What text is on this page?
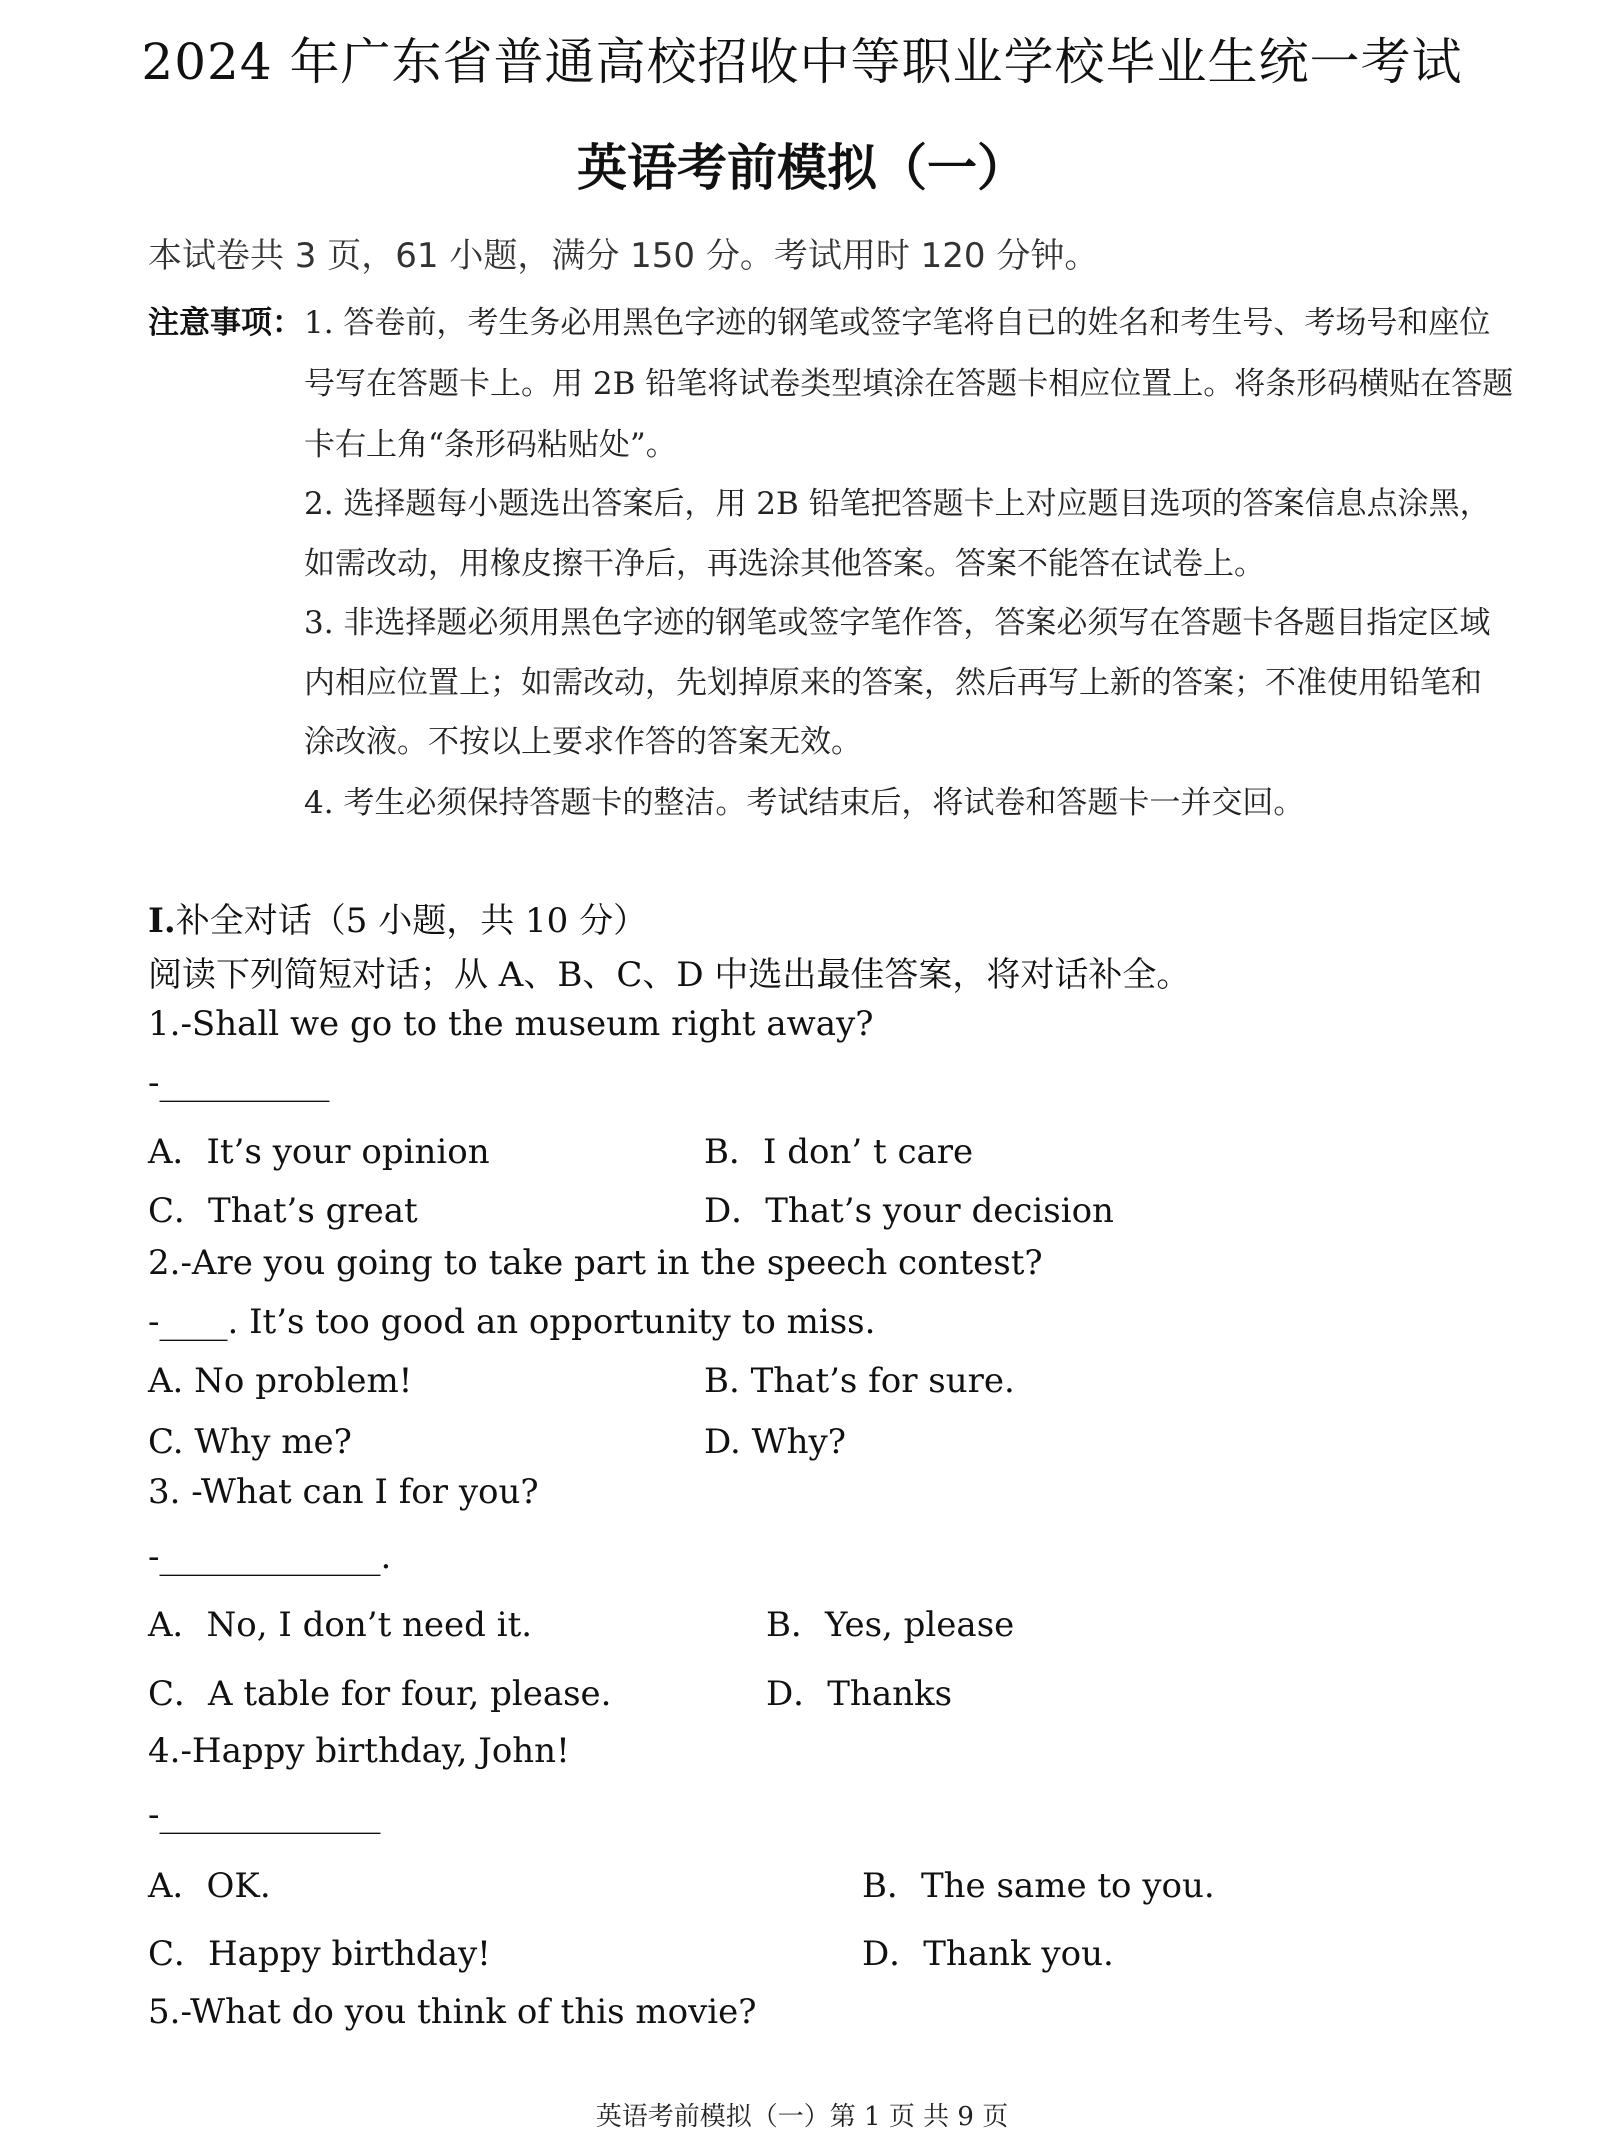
2024 年广东省普通高校招收中等职业学校毕业生统一考试
英语考前模拟（一）
本试卷共 3 页，61 小题，满分 150 分。考试用时 120 分钟。
注意事项： 1. 答卷前，考生务必用黑色字迹的钢笔或签字笔将自已的姓名和考生号、考场号和座位
号写在答题卡上。用 2B 铅笔将试卷类型填涂在答题卡相应位置上。将条形码横贴在答题
卡右上角“条形码粘贴处”。
2. 选择题每小题选出答案后，用 2B 铅笔把答题卡上对应题目选项的答案信息点涂黑，
如需改动，用橡皮擦干净后，再选涂其他答案。答案不能答在试卷上。
3. 非选择题必须用黑色字迹的钢笔或签字笔作答，答案必须写在答题卡各题目指定区域
内相应位置上；如需改动，先划掉原来的答案，然后再写上新的答案；不准使用铅笔和
涂改液。不按以上要求作答的答案无效。
4. 考生必须保持答题卡的整洁。考试结束后，将试卷和答题卡一并交回。
I.补全对话（5 小题，共 10 分）
阅读下列简短对话；从 A、B、C、D 中选出最佳答案，将对话补全。
1.-Shall we go to the museum right away?
-__________
A．It’s your opinion	B．I don’ t care
C．That’s great	D．That’s your decision
2.-Are you going to take part in the speech contest?
-____. It’s too good an opportunity to miss.
A. No problem!	B. That’s for sure.
C. Why me?	D. Why?
3. -What can I for you?
-_____________.
A．No, I don’t need it.	B．Yes, please
C．A table for four, please.	D．Thanks
4.-Happy birthday, John!
-_____________
A．OK.	B．The same to you.
C．Happy birthday!	D．Thank you.
5.-What do you think of this movie?
英语考前模拟（一）第 1 页 共 9 页
